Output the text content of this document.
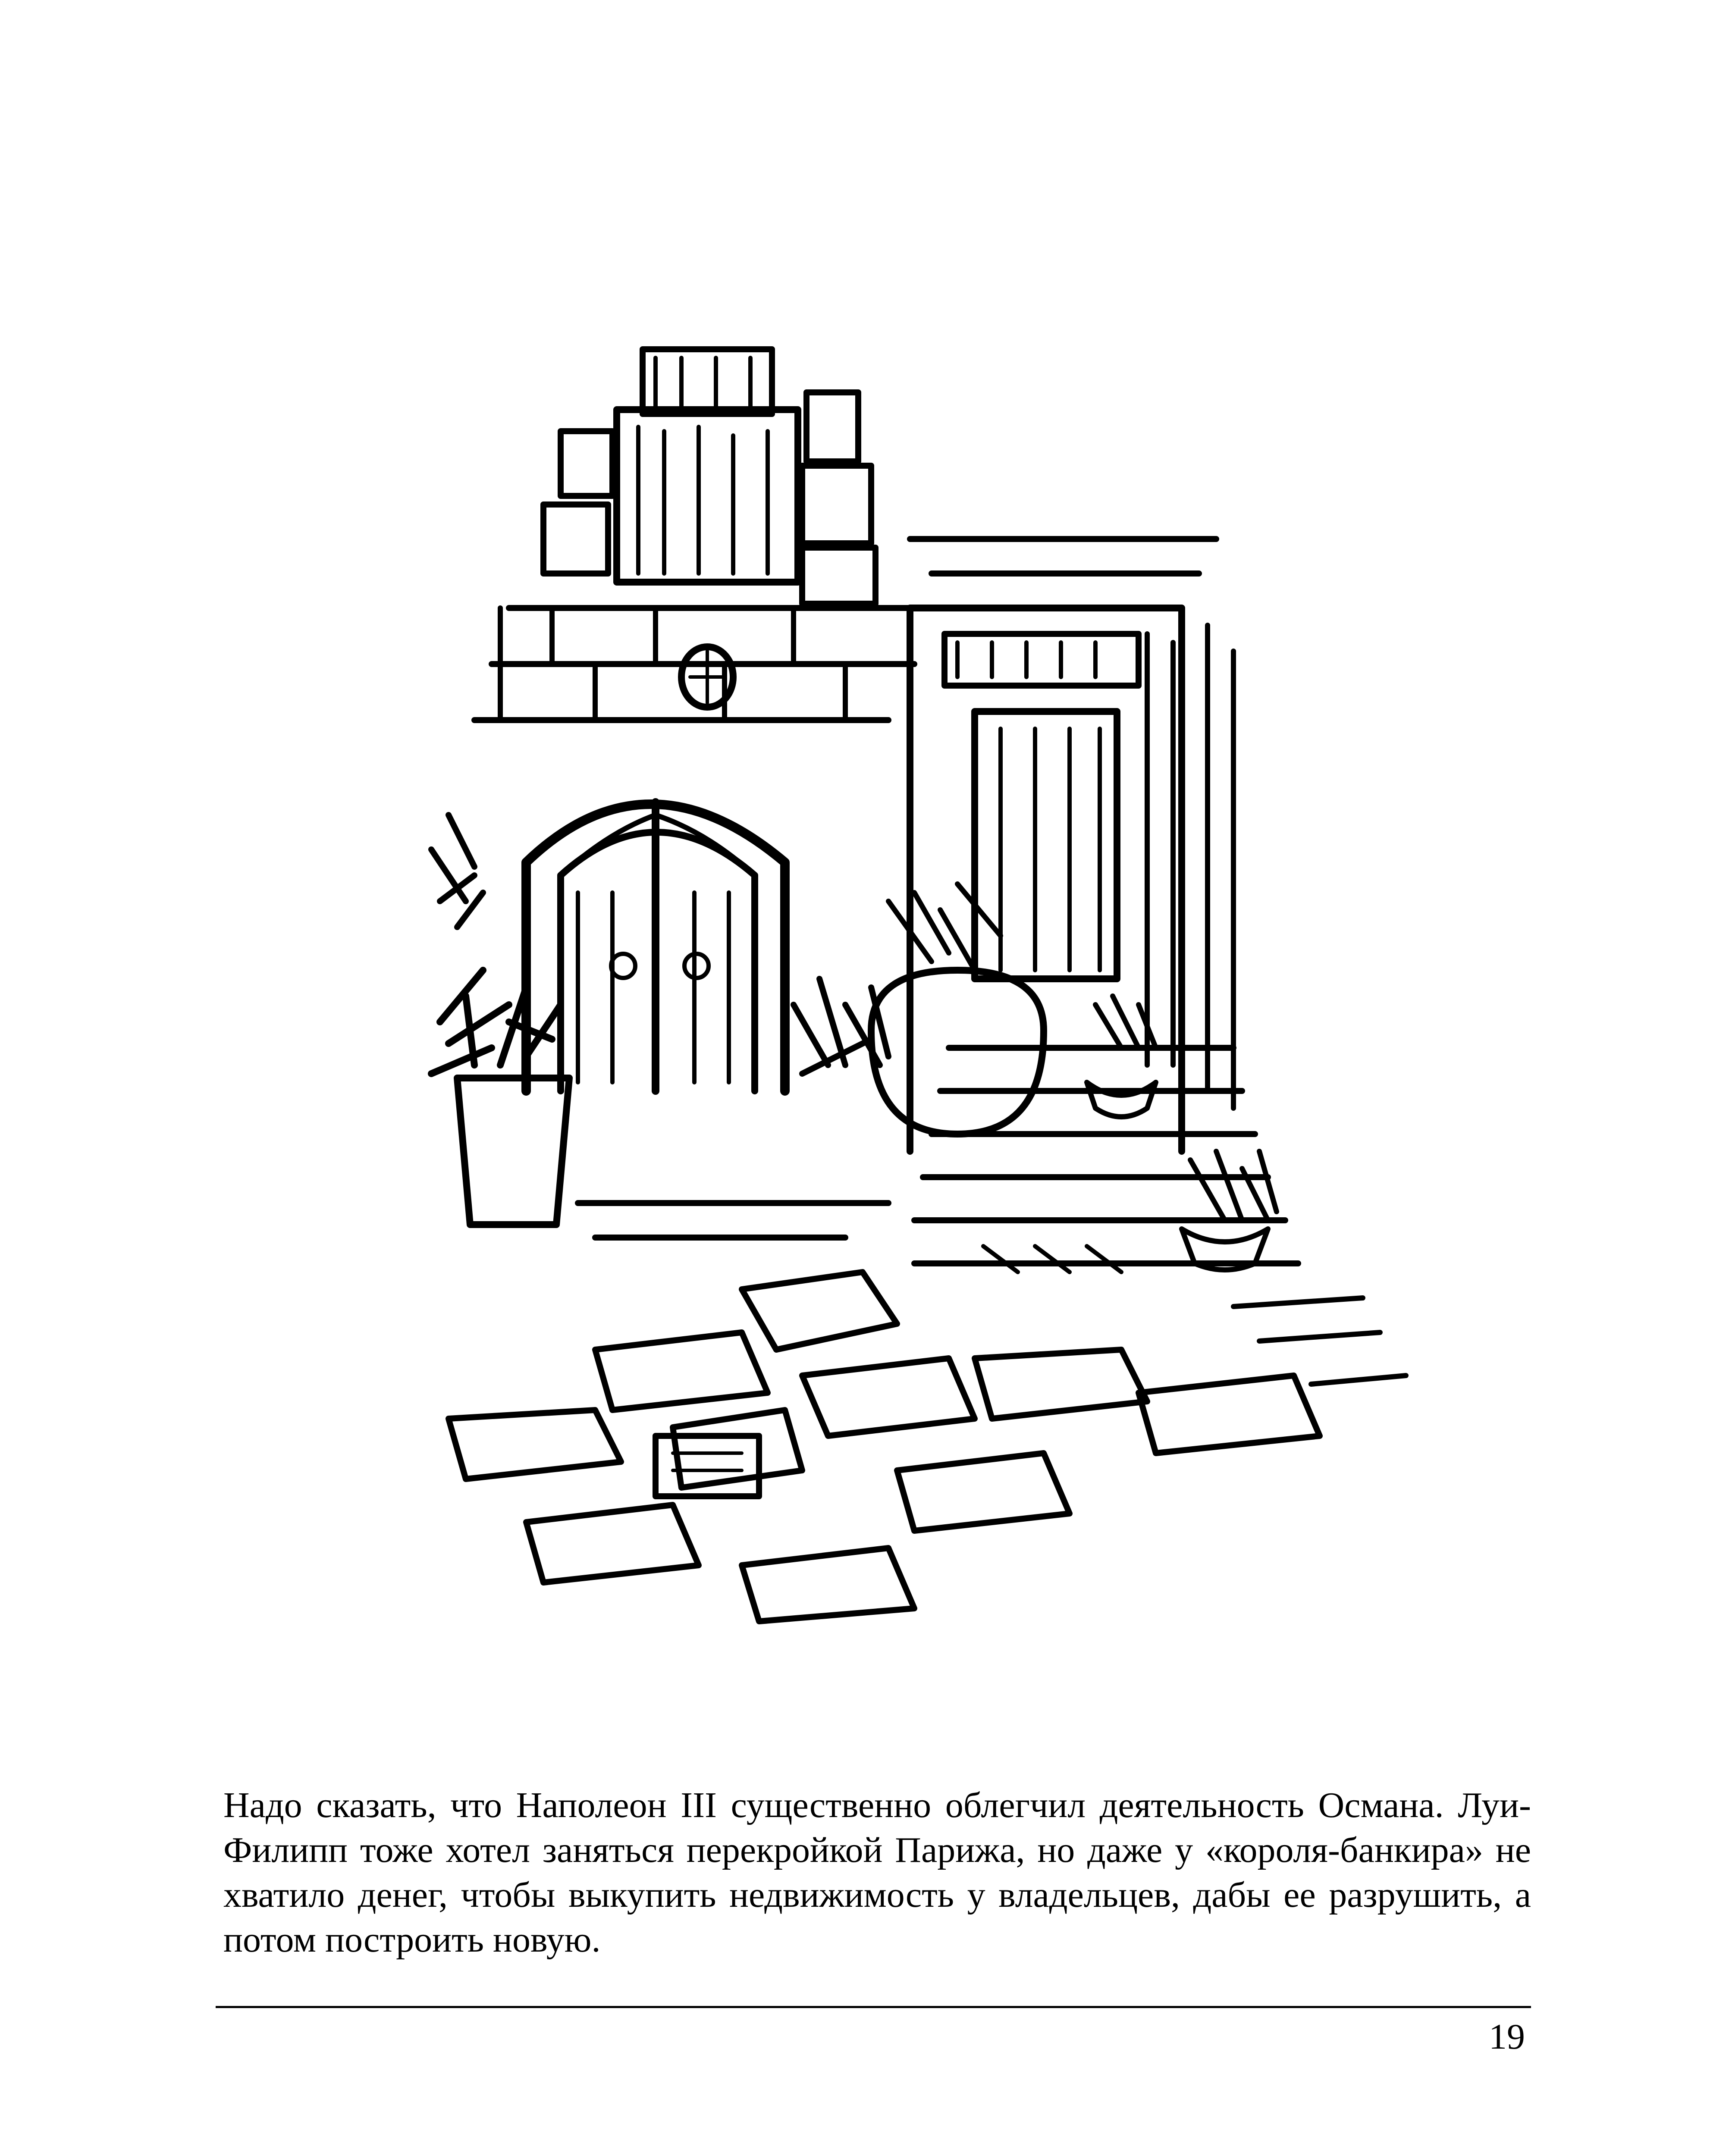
Надо сказать, что Наполеон III существенно облегчил деятельность Османа. Луи-Филипп тоже хотел заняться перекройкой Парижа, но даже у «короля-банкира» не хватило денег, чтобы выкупить недвижимость у владельцев, дабы ее разрушить, а потом построить новую.

19
